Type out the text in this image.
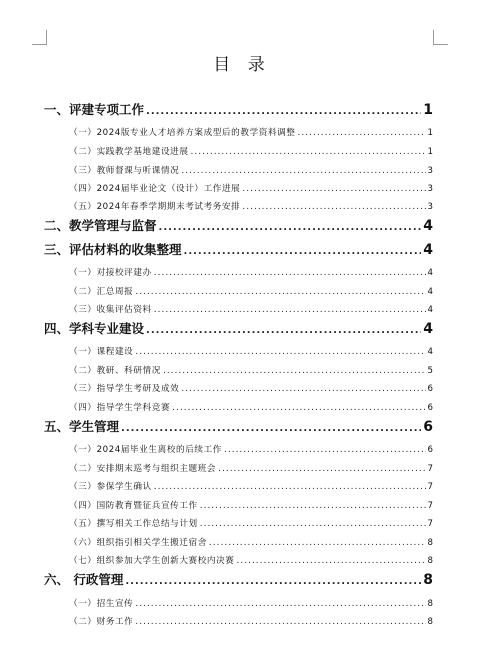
目 录
一、评建专项工作 .....	1
（一）2024版专业人才培养方案成型后的教学资料调整 .....	1
（二）实践教学基地建设进展 .....	1
（三）教师督课与听课情况 .....	3
（四）2024届毕业论文（设计）工作进展 .....	3
（五）2024年春季学期期末考试考务安排 .....	3
二、教学管理与监督 .....	4
三、评估材料的收集整理 .....	4
（一）对接校评建办 .....	4
（二）汇总周报 .....	4
（三）收集评估资料 .....	4
四、学科专业建设 .....	4
（一）课程建设 .....	4
（二）教研、科研情况 .....	5
（三）指导学生考研及成效 .....	6
（四）指导学生学科竞赛 .....	6
五、学生管理 .....	6
（一）2024届毕业生离校的后续工作 .....	6
（二）安排期末巡考与组织主题班会 .....	7
（三）参保学生确认 .....	7
（四）国防教育暨征兵宣传工作 .....	7
（五）撰写相关工作总结与计划 .....	7
（六）组织指引相关学生搬迁宿舍 .....	8
（七）组织参加大学生创新大赛校内决赛 .....	8
六、 行政管理 .....	8
（一）招生宣传 .....	8
（二）财务工作 .....	8
